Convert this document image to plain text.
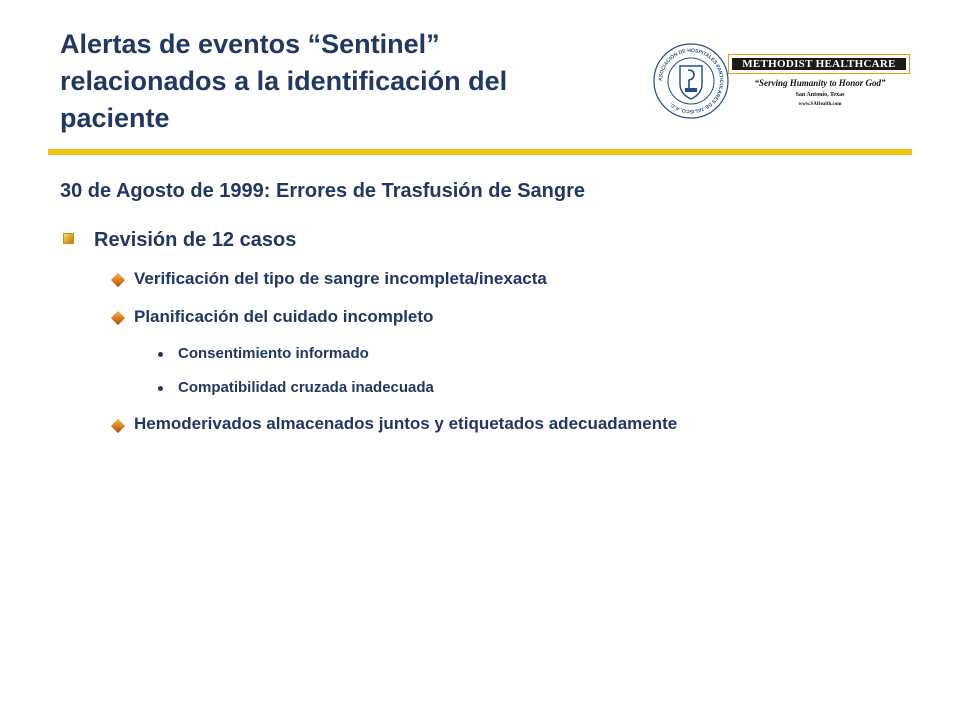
Alertas de eventos “Sentinel”
relacionados a la identificación del
paciente
ASOCIACIÓN DE HOSPITALES PARTICULARES DE JALISCO, A.C.
METHODIST HEALTHCARE
“Serving Humanity to Honor God”
San Antonio, Texas
www.SAHealth.com
30 de Agosto de 1999: Errores de Trasfusión de Sangre
Revisión de 12 casos
Verificación del tipo de sangre incompleta/inexacta
Planificación del cuidado incompleto
Consentimiento informado
Compatibilidad cruzada inadecuada
Hemoderivados almacenados juntos y etiquetados adecuadamente
